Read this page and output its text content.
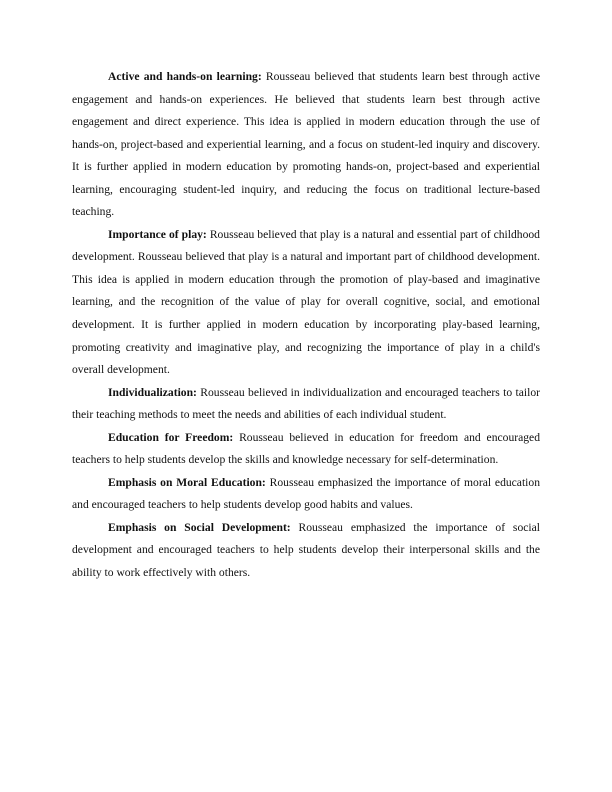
Active and hands-on learning: Rousseau believed that students learn best through active engagement and hands-on experiences. He believed that students learn best through active engagement and direct experience. This idea is applied in modern education through the use of hands-on, project-based and experiential learning, and a focus on student-led inquiry and discovery. It is further applied in modern education by promoting hands-on, project-based and experiential learning, encouraging student-led inquiry, and reducing the focus on traditional lecture-based teaching.

Importance of play: Rousseau believed that play is a natural and essential part of childhood development. Rousseau believed that play is a natural and important part of childhood development. This idea is applied in modern education through the promotion of play-based and imaginative learning, and the recognition of the value of play for overall cognitive, social, and emotional development. It is further applied in modern education by incorporating play-based learning, promoting creativity and imaginative play, and recognizing the importance of play in a child's overall development.

Individualization: Rousseau believed in individualization and encouraged teachers to tailor their teaching methods to meet the needs and abilities of each individual student.

Education for Freedom: Rousseau believed in education for freedom and encouraged teachers to help students develop the skills and knowledge necessary for self-determination.

Emphasis on Moral Education: Rousseau emphasized the importance of moral education and encouraged teachers to help students develop good habits and values.

Emphasis on Social Development: Rousseau emphasized the importance of social development and encouraged teachers to help students develop their interpersonal skills and the ability to work effectively with others.
